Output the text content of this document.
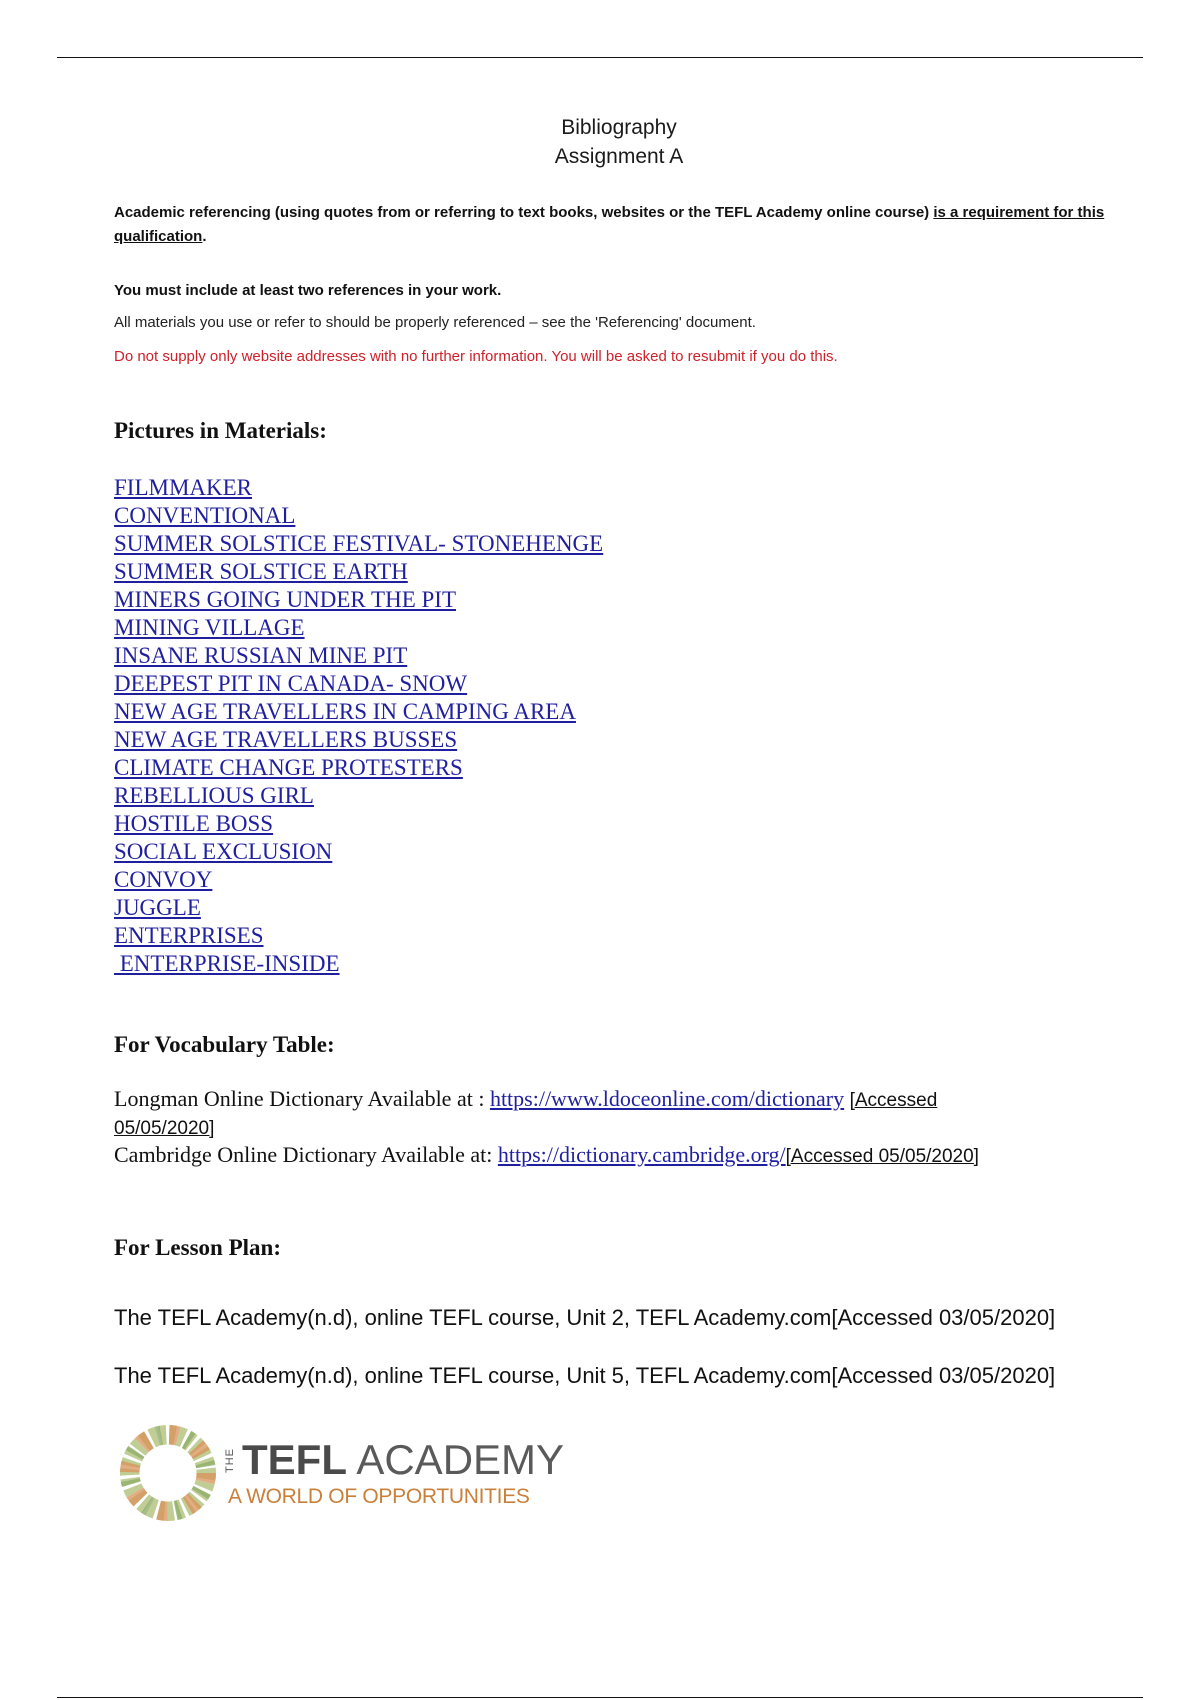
Bibliography
Assignment A
Academic referencing (using quotes from or referring to text books, websites or the TEFL Academy online course) is a requirement for this qualification.
You must include at least two references in your work.
All materials you use or refer to should be properly referenced – see the 'Referencing' document.
Do not supply only website addresses with no further information. You will be asked to resubmit if you do this.
Pictures in Materials:
FILMMAKER
CONVENTIONAL
SUMMER SOLSTICE FESTIVAL- STONEHENGE
SUMMER SOLSTICE EARTH
MINERS GOING UNDER THE PIT
MINING VILLAGE
INSANE RUSSIAN MINE PIT
DEEPEST PIT IN CANADA- SNOW
NEW AGE TRAVELLERS IN CAMPING AREA
NEW AGE TRAVELLERS BUSSES
CLIMATE CHANGE PROTESTERS
REBELLIOUS GIRL
HOSTILE BOSS
SOCIAL EXCLUSION
CONVOY
JUGGLE
ENTERPRISES
ENTERPRISE-INSIDE
For Vocabulary Table:
Longman Online Dictionary Available at : https://www.ldoceonline.com/dictionary [Accessed
05/05/2020]
Cambridge Online Dictionary Available at: https://dictionary.cambridge.org/[Accessed 05/05/2020]
For Lesson Plan:
The TEFL Academy(n.d), online TEFL course, Unit 2, TEFL Academy.com[Accessed 03/05/2020]
The TEFL Academy(n.d), online TEFL course, Unit 5, TEFL Academy.com[Accessed 03/05/2020]
THE TEFL ACADEMY
A WORLD OF OPPORTUNITIES
